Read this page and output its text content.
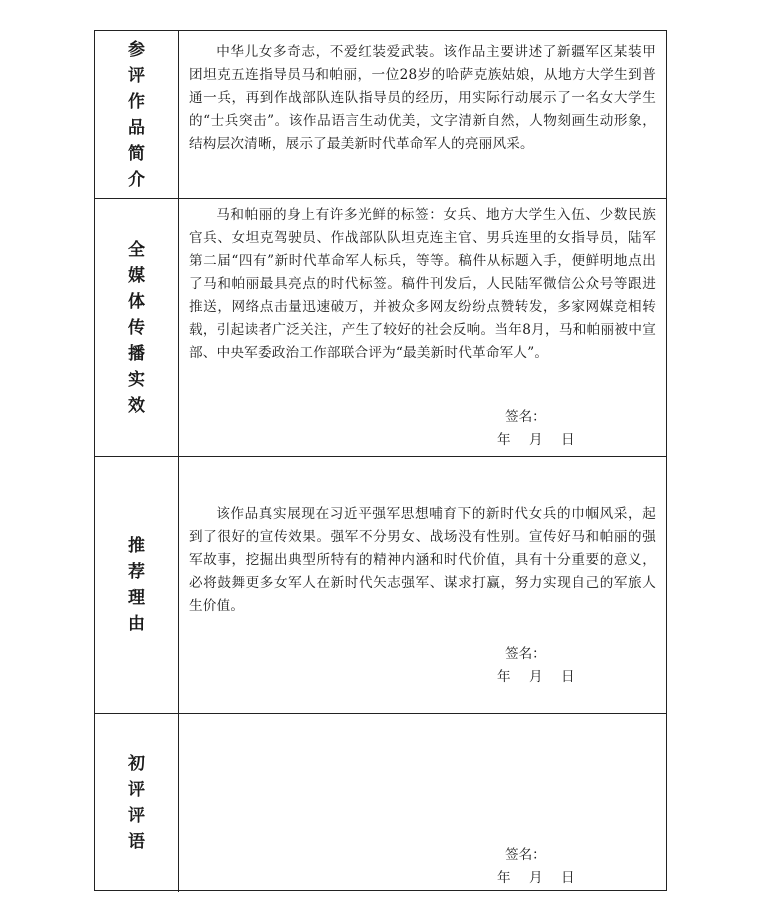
参
评
作
品
简
介

中华儿女多奇志，不爱红装爱武装。该作品主要讲述了新疆军区某装甲团坦克五连指导员马和帕丽，一位28岁的哈萨克族姑娘，从地方大学生到普通一兵，再到作战部队连队指导员的经历，用实际行动展示了一名女大学生的“士兵突击”。该作品语言生动优美，文字清新自然，人物刻画生动形象，结构层次清晰，展示了最美新时代革命军人的亮丽风采。

全
媒
体
传
播
实
效

马和帕丽的身上有许多光鲜的标签：女兵、地方大学生入伍、少数民族官兵、女坦克驾驶员、作战部队队坦克连主官、男兵连里的女指导员，陆军第二届“四有”新时代革命军人标兵，等等。稿件从标题入手，便鲜明地点出了马和帕丽最具亮点的时代标签。稿件刊发后，人民陆军微信公众号等跟进推送，网络点击量迅速破万，并被众多网友纷纷点赞转发，多家网媒竞相转载，引起读者广泛关注，产生了较好的社会反响。当年8月，马和帕丽被中宣部、中央军委政治工作部联合评为“最美新时代革命军人”。

签名：
年 月 日
推
荐
理
由

该作品真实展现在习近平强军思想哺育下的新时代女兵的巾帼风采，起到了很好的宣传效果。强军不分男女、战场没有性别。宣传好马和帕丽的强军故事，挖掘出典型所特有的精神内涵和时代价值，具有十分重要的意义，必将鼓舞更多女军人在新时代矢志强军、谋求打赢，努力实现自己的军旅人生价值。

签名：
年 月 日
初
评
评
语

签名：
年 月 日
